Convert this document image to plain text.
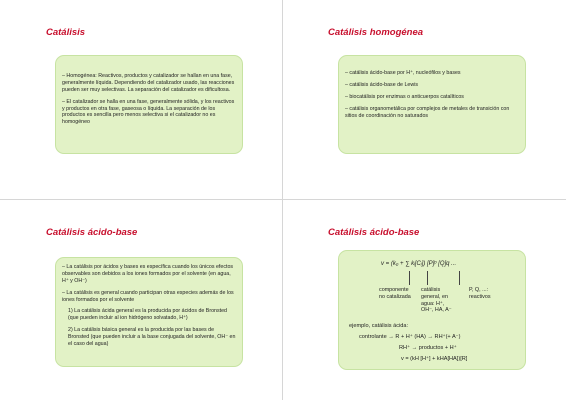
Catálisis

– Homogénea: Reactivos, productos y catalizador se hallan en una fase, generalmente líquida. Dependiendo del catalizador usado, las reacciones pueden ser muy selectivas. La separación del catalizador es dificultosa.

– El catalizador se halla en una fase, generalmente sólida, y los reactivos y productos en otra fase, gaseosa o líquida. La separación de los productos es sencilla pero menos selectiva si el catalizador no es homogéneo

Catálisis homogénea

– catálisis ácido-base por H⁺, nucleófilos y bases

– catálisis ácido-base de Lewis

– biocatálisis por enzimas o anticuerpos catalíticos

– catálisis organometálica por complejos de metales de transición con sitios de coordinación no saturados

Catálisis ácido-base

– La catálisis por ácidos y bases es específica cuando los únicos efectos observables son debidos a los iones formados por el solvente (en agua, H⁺ y OH⁻)

– La catálisis es general cuando participan otras especies además de los iones formados por el solvente

1) La catálisis ácida general es la producida por ácidos de Bronsted (que pueden incluir al ion hidrógeno solvatado, H⁺)

2) La catálisis básica general es la producida por las bases de Bronsted (que pueden incluir a la base conjugada del solvente, OH⁻ en el caso del agua)

Catálisis ácido-base
v = (k₀ + ∑ kᵢ[Cᵢ]) [P]ᵖ [Q]q ...
componente
no catalizada
catálisis
general, en
agua: H⁺,
OH⁻, HA, A⁻
P, Q, ...:
reactivos
ejemplo, catálisis ácida:
controlante → R + H⁺ (HA) → RH⁺(+ A⁻)
RH⁺ → productos + H⁺
v = (kH [H⁺] + kHA[HA])[R]
